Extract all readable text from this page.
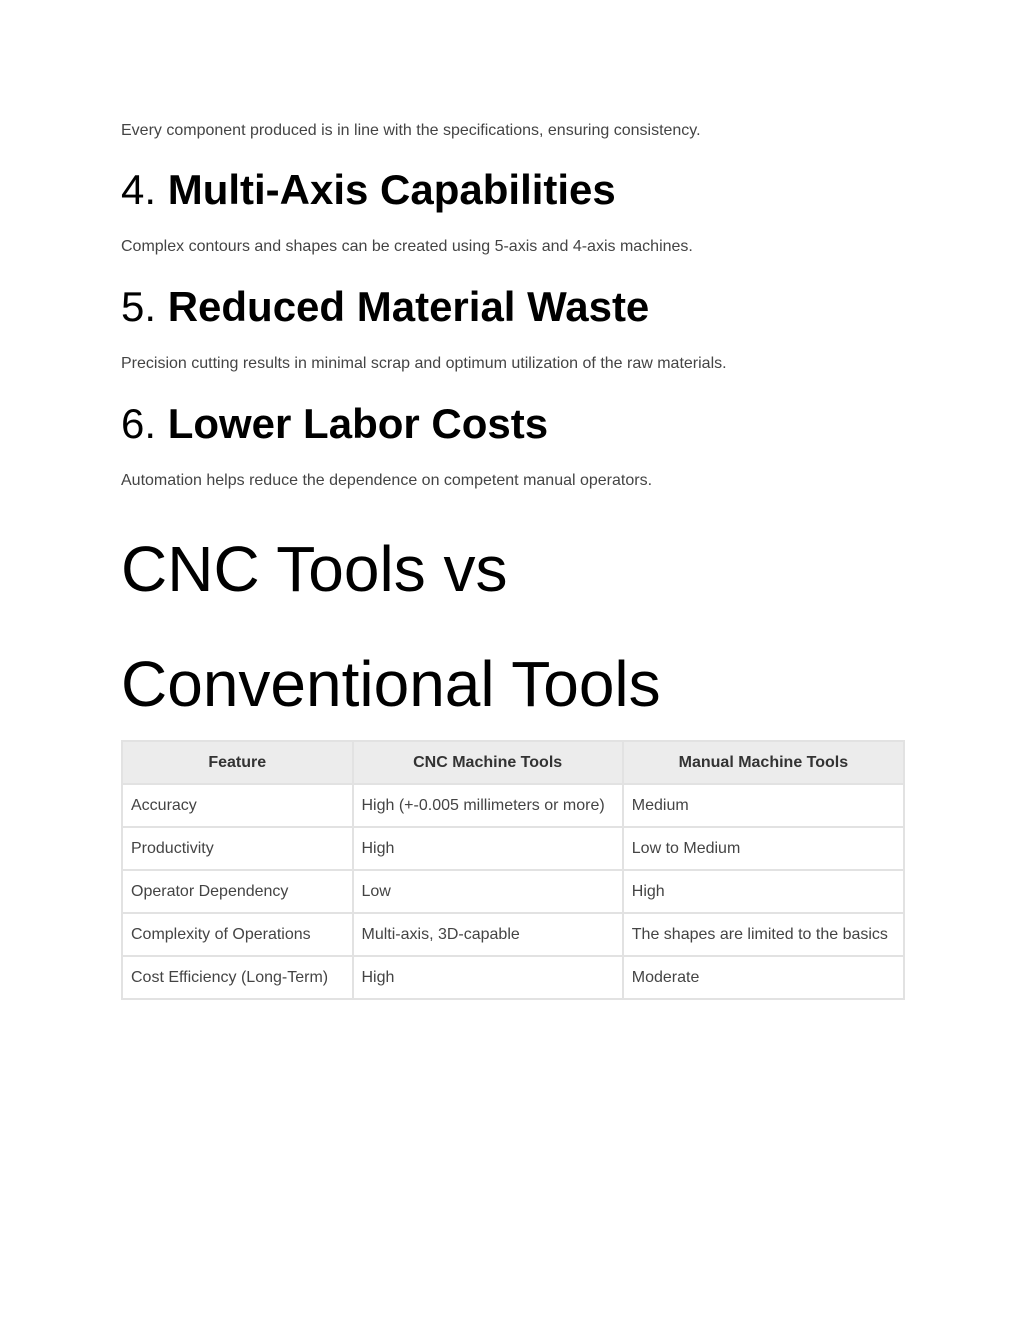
Every component produced is in line with the specifications, ensuring consistency.

4. Multi-Axis Capabilities

Complex contours and shapes can be created using 5-axis and 4-axis machines.

5. Reduced Material Waste

Precision cutting results in minimal scrap and optimum utilization of the raw materials.

6. Lower Labor Costs

Automation helps reduce the dependence on competent manual operators.

CNC Tools vs
Conventional Tools
Feature	CNC Machine Tools	Manual Machine Tools
Accuracy	High (+-0.005 millimeters or more)	Medium
Productivity	High	Low to Medium
Operator Dependency	Low	High
Complexity of Operations	Multi-axis, 3D-capable	The shapes are limited to the basics
Cost Efficiency (Long-Term)	High	Moderate
